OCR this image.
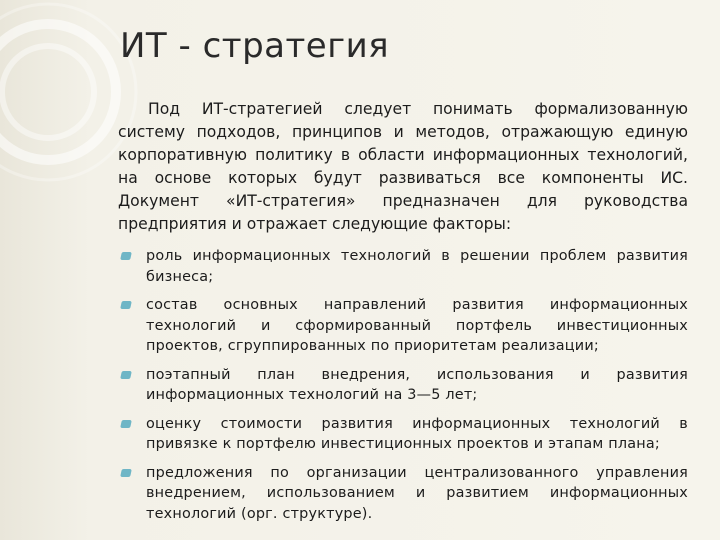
ИТ - стратегия

Под ИТ-стратегией следует понимать формализованную систему подходов, принципов и методов, отражающую единую корпоративную политику в области информационных технологий, на основе которых будут развиваться все компоненты ИС. Документ «ИТ-стратегия» предназначен для руководства предприятия и отражает следующие факторы:

роль информационных технологий в решении проблем развития бизнеса;
состав основных направлений развития информационных технологий и сформированный портфель инвестиционных проектов, сгруппированных по приоритетам реализации;
поэтапный план внедрения, использования и развития информационных технологий на 3—5 лет;
оценку стоимости развития информационных технологий в привязке к портфелю инвестиционных проектов и этапам плана;
предложения по организации централизованного управления внедрением, использованием и развитием информационных технологий (орг. структуре).
